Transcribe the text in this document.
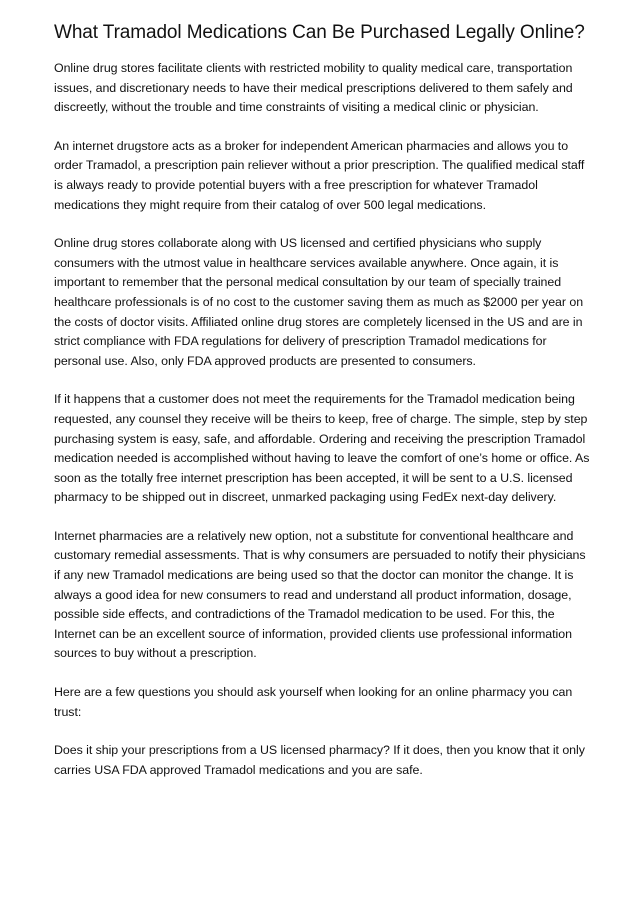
What Tramadol Medications Can Be Purchased Legally Online?

Online drug stores facilitate clients with restricted mobility to quality medical care, transportation issues, and discretionary needs to have their medical prescriptions delivered to them safely and discreetly, without the trouble and time constraints of visiting a medical clinic or physician.

An internet drugstore acts as a broker for independent American pharmacies and allows you to order Tramadol, a prescription pain reliever without a prior prescription. The qualified medical staff is always ready to provide potential buyers with a free prescription for whatever Tramadol medications they might require from their catalog of over 500 legal medications.

Online drug stores collaborate along with US licensed and certified physicians who supply consumers with the utmost value in healthcare services available anywhere. Once again, it is important to remember that the personal medical consultation by our team of specially trained healthcare professionals is of no cost to the customer saving them as much as $2000 per year on the costs of doctor visits. Affiliated online drug stores are completely licensed in the US and are in strict compliance with FDA regulations for delivery of prescription Tramadol medications for personal use. Also, only FDA approved products are presented to consumers.

If it happens that a customer does not meet the requirements for the Tramadol medication being requested, any counsel they receive will be theirs to keep, free of charge. The simple, step by step purchasing system is easy, safe, and affordable. Ordering and receiving the prescription Tramadol medication needed is accomplished without having to leave the comfort of one’s home or office. As soon as the totally free internet prescription has been accepted, it will be sent to a U.S. licensed pharmacy to be shipped out in discreet, unmarked packaging using FedEx next-day delivery.

Internet pharmacies are a relatively new option, not a substitute for conventional healthcare and customary remedial assessments. That is why consumers are persuaded to notify their physicians if any new Tramadol medications are being used so that the doctor can monitor the change. It is always a good idea for new consumers to read and understand all product information, dosage, possible side effects, and contradictions of the Tramadol medication to be used. For this, the Internet can be an excellent source of information, provided clients use professional information sources to buy without a prescription.

Here are a few questions you should ask yourself when looking for an online pharmacy you can trust:

Does it ship your prescriptions from a US licensed pharmacy? If it does, then you know that it only carries USA FDA approved Tramadol medications and you are safe.
